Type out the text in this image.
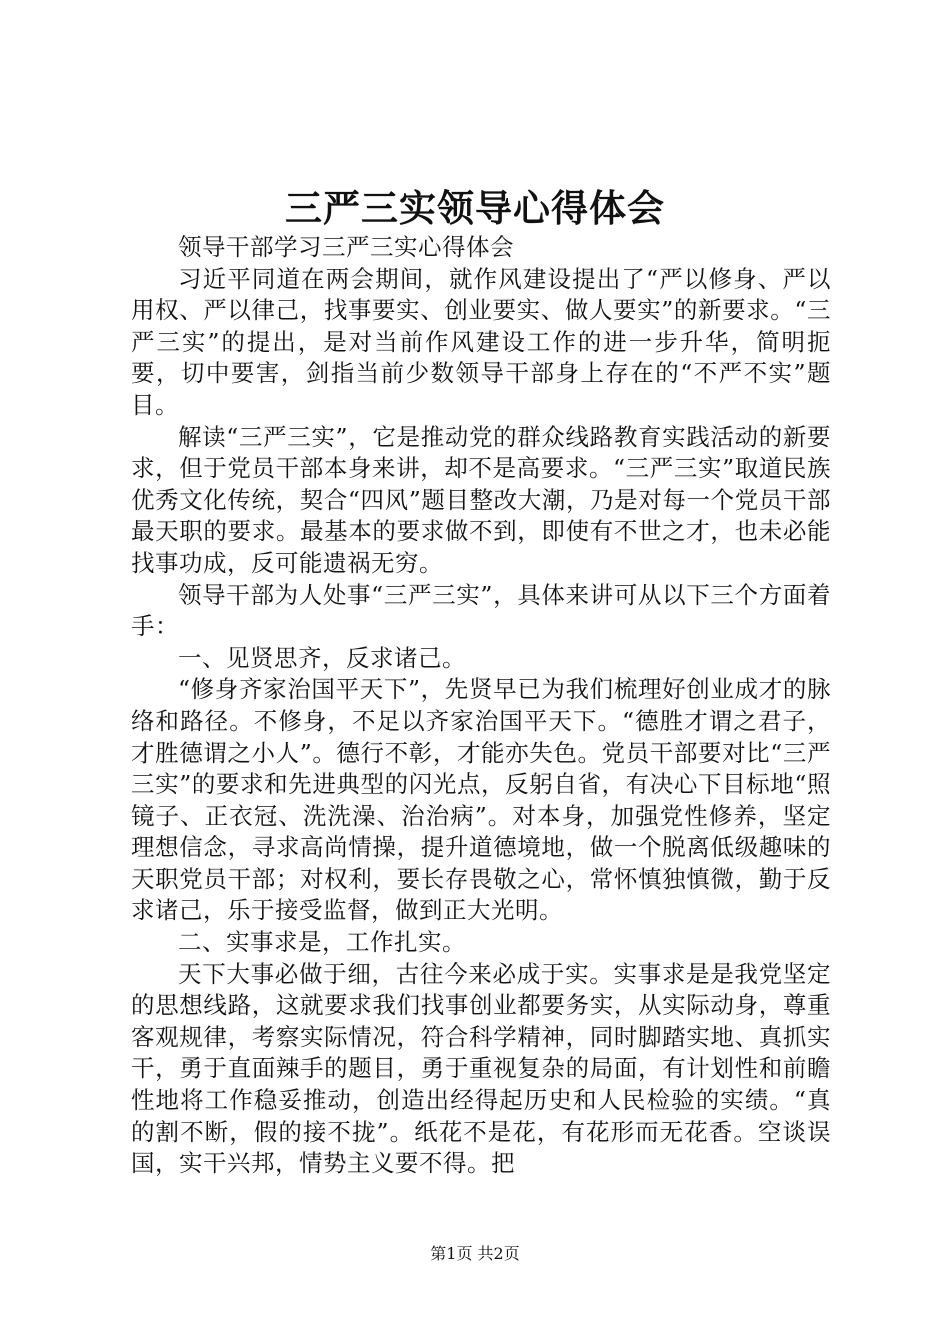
三严三实领导心得体会

领导干部学习三严三实心得体会

习近平同道在两会期间，就作风建设提出了“严以修身、严以用权、严以律己，找事要实、创业要实、做人要实”的新要求。“三严三实”的提出，是对当前作风建设工作的进一步升华，简明扼要，切中要害，剑指当前少数领导干部身上存在的“不严不实”题目。

解读“三严三实”，它是推动党的群众线路教育实践活动的新要求，但于党员干部本身来讲，却不是高要求。“三严三实”取道民族优秀文化传统，契合“四风”题目整改大潮，乃是对每一个党员干部最天职的要求。最基本的要求做不到，即使有不世之才，也未必能找事功成，反可能遗祸无穷。

领导干部为人处事“三严三实”，具体来讲可从以下三个方面着手：

一、见贤思齐，反求诸己。

“修身齐家治国平天下”，先贤早已为我们梳理好创业成才的脉络和路径。不修身，不足以齐家治国平天下。“德胜才谓之君子，才胜德谓之小人”。德行不彰，才能亦失色。党员干部要对比“三严三实”的要求和先进典型的闪光点，反躬自省，有决心下目标地“照镜子、正衣冠、洗洗澡、治治病”。对本身，加强党性修养，坚定理想信念，寻求高尚情操，提升道德境地，做一个脱离低级趣味的天职党员干部；对权利，要长存畏敬之心，常怀慎独慎微，勤于反求诸己，乐于接受监督，做到正大光明。

二、实事求是，工作扎实。

天下大事必做于细，古往今来必成于实。实事求是是我党坚定的思想线路，这就要求我们找事创业都要务实，从实际动身，尊重客观规律，考察实际情况，符合科学精神，同时脚踏实地、真抓实干，勇于直面辣手的题目，勇于重视复杂的局面，有计划性和前瞻性地将工作稳妥推动，创造出经得起历史和人民检验的实绩。“真的割不断，假的接不拢”。纸花不是花，有花形而无花香。空谈误国，实干兴邦，情势主义要不得。把

第1页 共2页
